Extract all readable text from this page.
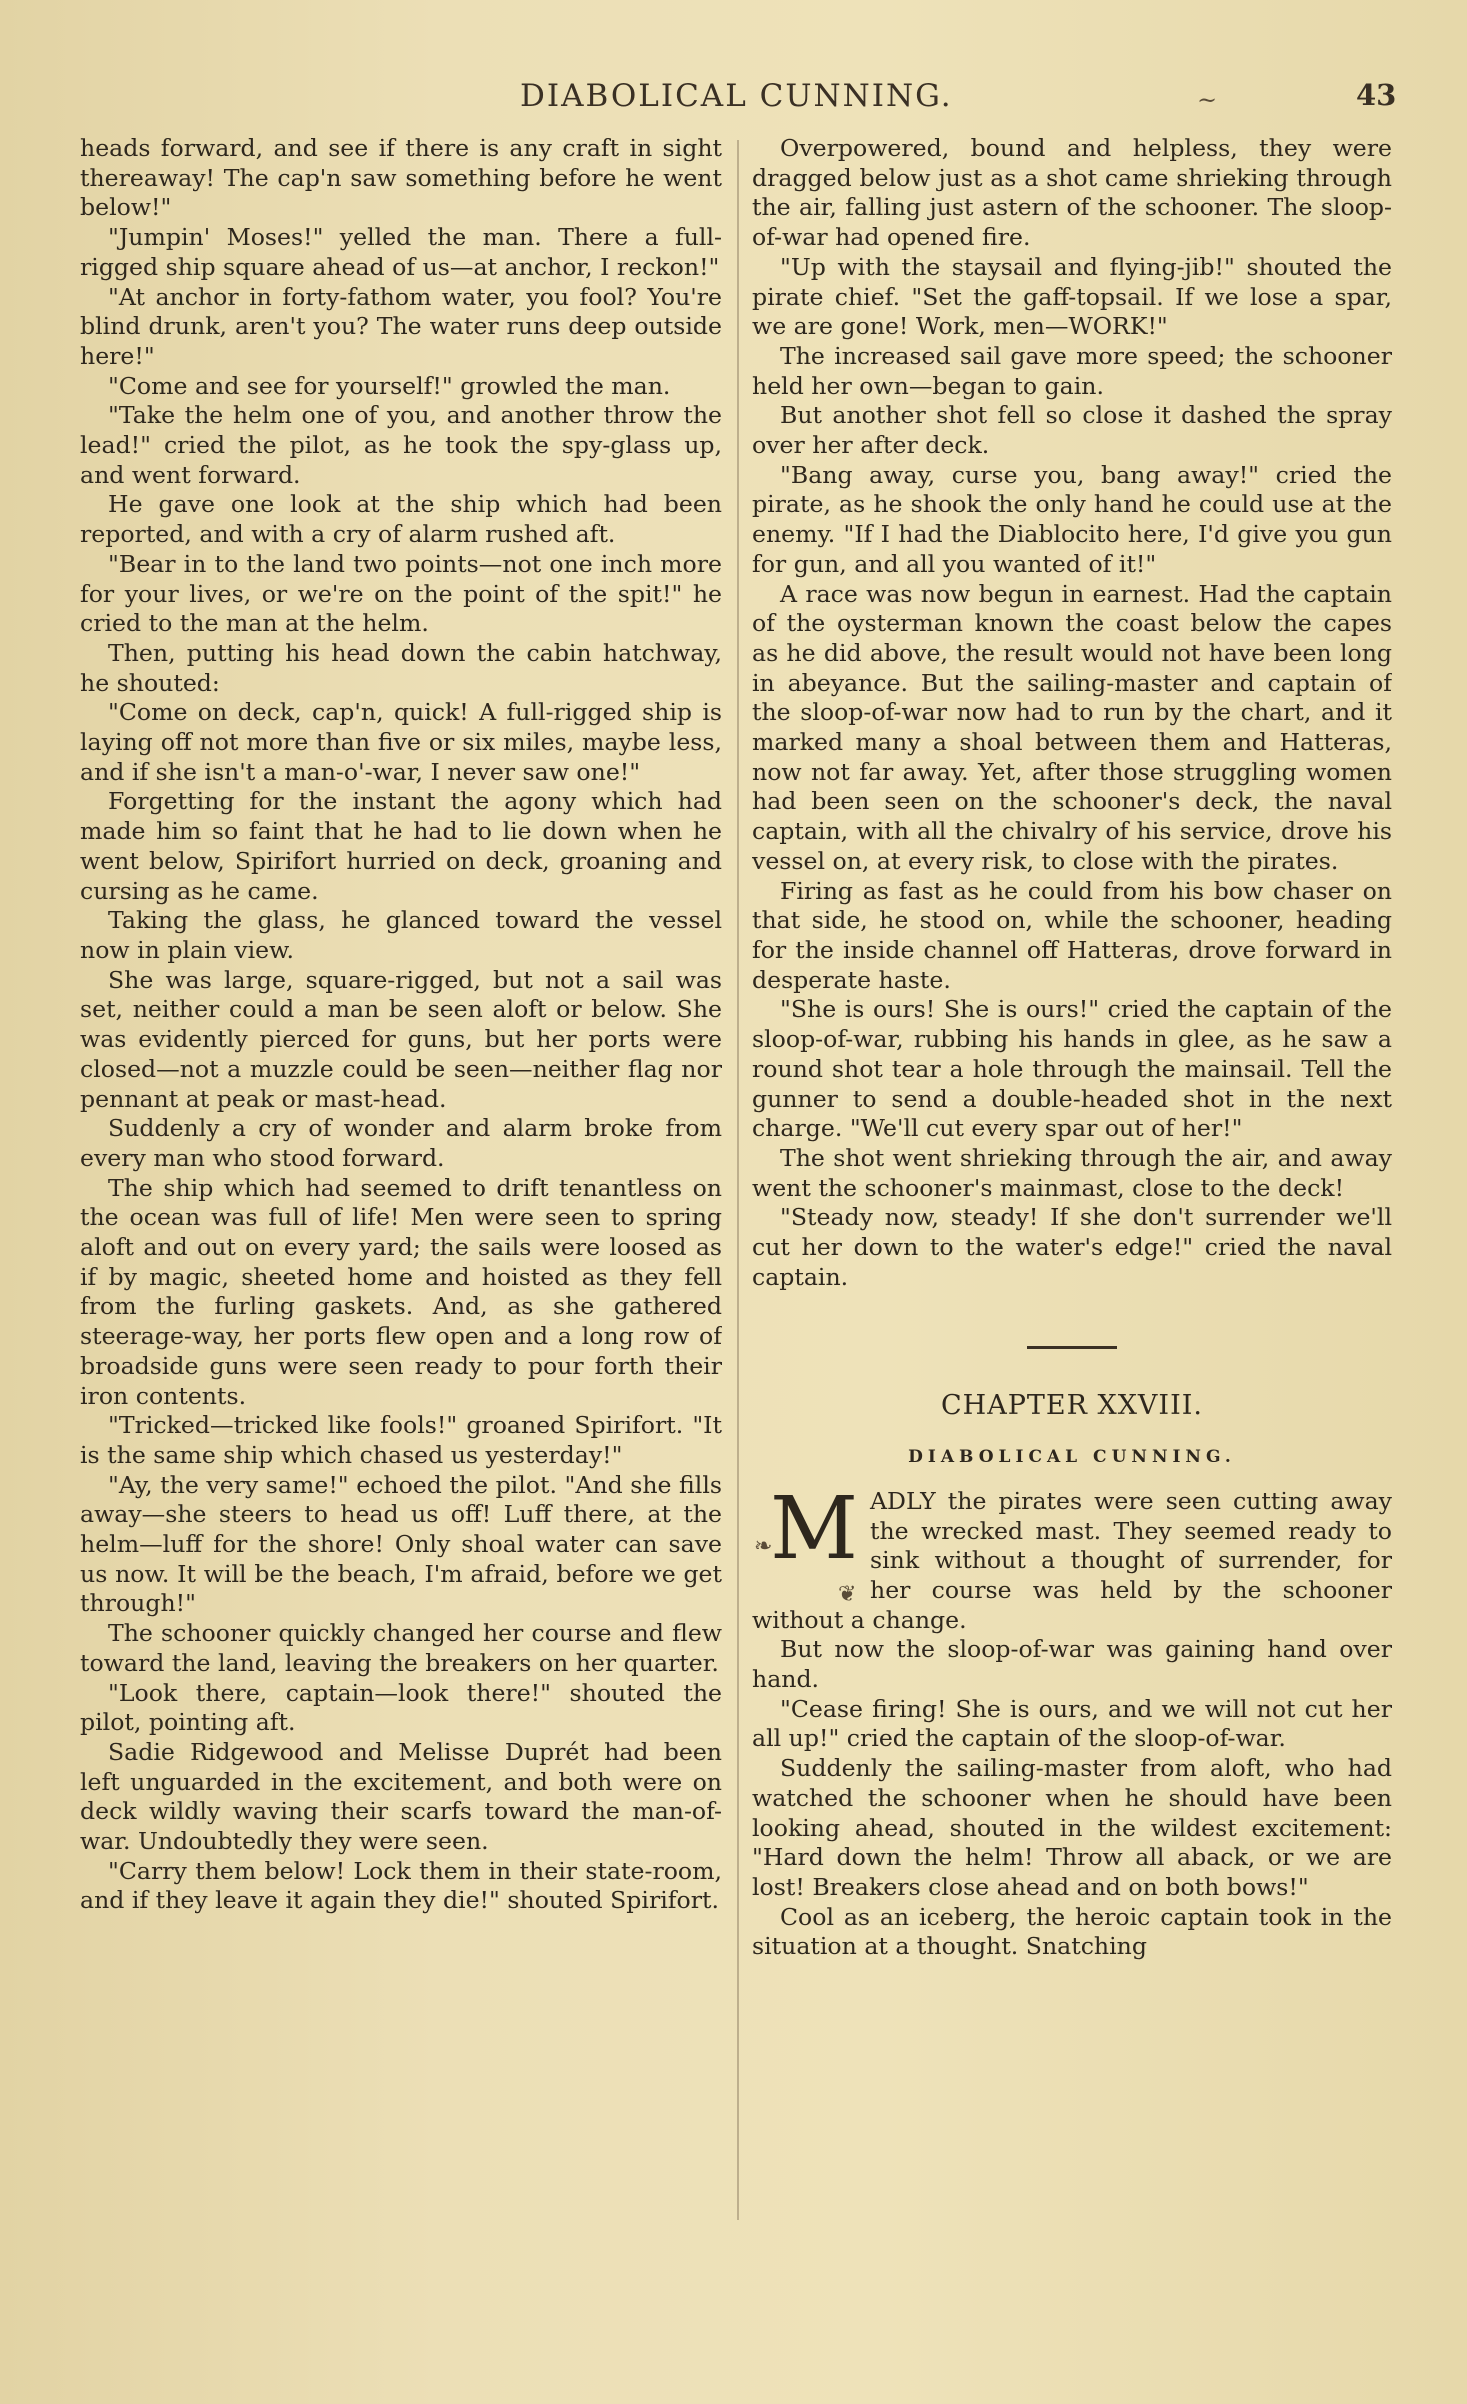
DIABOLICAL CUNNING.	~	43

heads forward, and see if there is any craft in sight thereaway! The cap'n saw something before he went below!"

"Jumpin' Moses!" yelled the man. There a full-rigged ship square ahead of us—at anchor, I reckon!"

"At anchor in forty-fathom water, you fool? You're blind drunk, aren't you? The water runs deep outside here!"

"Come and see for yourself!" growled the man.

"Take the helm one of you, and another throw the lead!" cried the pilot, as he took the spy-glass up, and went forward.

He gave one look at the ship which had been reported, and with a cry of alarm rushed aft.

"Bear in to the land two points—not one inch more for your lives, or we're on the point of the spit!" he cried to the man at the helm.

Then, putting his head down the cabin hatchway, he shouted:

"Come on deck, cap'n, quick! A full-rigged ship is laying off not more than five or six miles, maybe less, and if she isn't a man-o'-war, I never saw one!"

Forgetting for the instant the agony which had made him so faint that he had to lie down when he went below, Spirifort hurried on deck, groaning and cursing as he came.

Taking the glass, he glanced toward the vessel now in plain view.

She was large, square-rigged, but not a sail was set, neither could a man be seen aloft or below. She was evidently pierced for guns, but her ports were closed—not a muzzle could be seen—neither flag nor pennant at peak or mast-head.

Suddenly a cry of wonder and alarm broke from every man who stood forward.

The ship which had seemed to drift tenantless on the ocean was full of life! Men were seen to spring aloft and out on every yard; the sails were loosed as if by magic, sheeted home and hoisted as they fell from the furling gaskets. And, as she gathered steerage-way, her ports flew open and a long row of broadside guns were seen ready to pour forth their iron contents.

"Tricked—tricked like fools!" groaned Spirifort. "It is the same ship which chased us yesterday!"

"Ay, the very same!" echoed the pilot. "And she fills away—she steers to head us off! Luff there, at the helm—luff for the shore! Only shoal water can save us now. It will be the beach, I'm afraid, before we get through!"

The schooner quickly changed her course and flew toward the land, leaving the breakers on her quarter.

"Look there, captain—look there!" shouted the pilot, pointing aft.

Sadie Ridgewood and Melisse Duprét had been left unguarded in the excitement, and both were on deck wildly waving their scarfs toward the man-of-war. Undoubtedly they were seen.

"Carry them below! Lock them in their state-room, and if they leave it again they die!" shouted Spirifort.

Overpowered, bound and helpless, they were dragged below just as a shot came shrieking through the air, falling just astern of the schooner. The sloop-of-war had opened fire.

"Up with the staysail and flying-jib!" shouted the pirate chief. "Set the gaff-topsail. If we lose a spar, we are gone! Work, men—WORK!"

The increased sail gave more speed; the schooner held her own—began to gain.

But another shot fell so close it dashed the spray over her after deck.

"Bang away, curse you, bang away!" cried the pirate, as he shook the only hand he could use at the enemy. "If I had the Diablocito here, I'd give you gun for gun, and all you wanted of it!"

A race was now begun in earnest. Had the captain of the oysterman known the coast below the capes as he did above, the result would not have been long in abeyance. But the sailing-master and captain of the sloop-of-war now had to run by the chart, and it marked many a shoal between them and Hatteras, now not far away. Yet, after those struggling women had been seen on the schooner's deck, the naval captain, with all the chivalry of his service, drove his vessel on, at every risk, to close with the pirates.

Firing as fast as he could from his bow chaser on that side, he stood on, while the schooner, heading for the inside channel off Hatteras, drove forward in desperate haste.

"She is ours! She is ours!" cried the captain of the sloop-of-war, rubbing his hands in glee, as he saw a round shot tear a hole through the mainsail. Tell the gunner to send a double-headed shot in the next charge. "We'll cut every spar out of her!"

The shot went shrieking through the air, and away went the schooner's mainmast, close to the deck!

"Steady now, steady! If she don't surrender we'll cut her down to the water's edge!" cried the naval captain.

CHAPTER XXVIII.
DIABOLICAL CUNNING.
❧
M
❦

ADLY the pirates were seen cutting away the wrecked mast. They seemed ready to sink without a thought of surrender, for her course was held by the schooner without a change.

But now the sloop-of-war was gaining hand over hand.

"Cease firing! She is ours, and we will not cut her all up!" cried the captain of the sloop-of-war.

Suddenly the sailing-master from aloft, who had watched the schooner when he should have been looking ahead, shouted in the wildest excitement: "Hard down the helm! Throw all aback, or we are lost! Breakers close ahead and on both bows!"

Cool as an iceberg, the heroic captain took in the situation at a thought. Snatching
